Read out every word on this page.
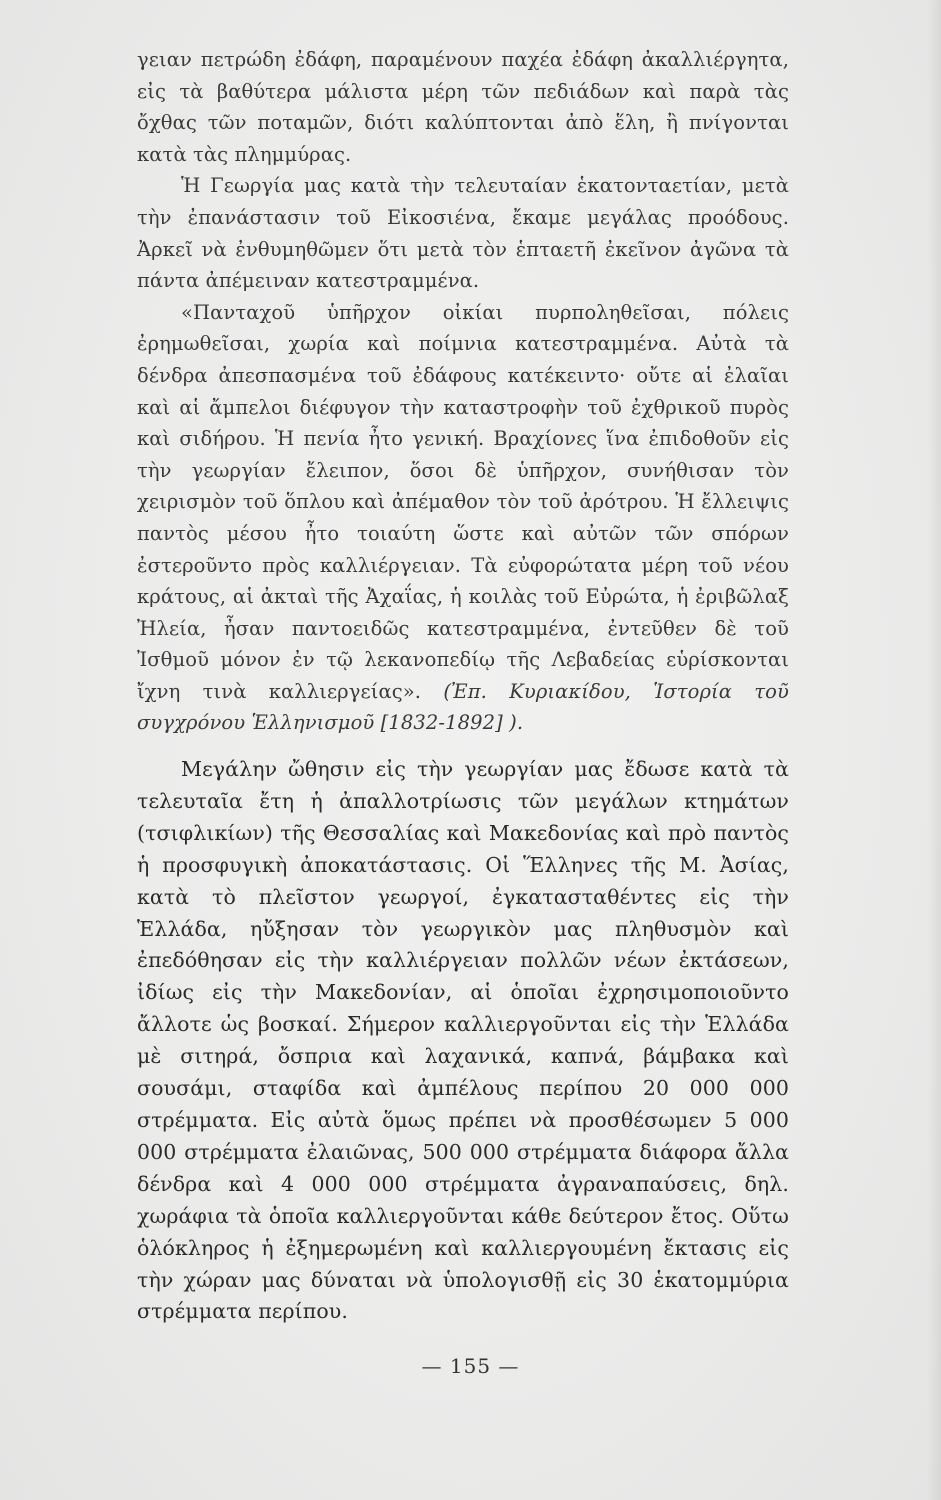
γειαν πετρώδη ἐδάφη, παραμένουν παχέα ἐδάφη ἀκαλλιέργητα, εἰς τὰ βαθύτερα μάλιστα μέρη τῶν πεδιάδων καὶ παρὰ τὰς ὄχθας τῶν ποταμῶν, διότι καλύπτονται ἀπὸ ἕλη, ἢ πνίγονται κατὰ τὰς πλημμύρας.

Ἡ Γεωργία μας κατὰ τὴν τελευταίαν ἑκατονταετίαν, μετὰ τὴν ἐπανάστασιν τοῦ Εἰκοσιένα, ἔκαμε μεγάλας προόδους. Ἀρκεῖ νὰ ἐνθυμηθῶμεν ὅτι μετὰ τὸν ἑπταετῆ ἐκεῖνον ἀγῶνα τὰ πάντα ἀπέμειναν κατεστραμμένα.

«Πανταχοῦ ὑπῆρχον οἰκίαι πυρποληθεῖσαι, πόλεις ἐρημωθεῖσαι, χωρία καὶ ποίμνια κατεστραμμένα. Αὐτὰ τὰ δένδρα ἀπεσπασμένα τοῦ ἐδάφους κατέκειντο· οὔτε αἱ ἐλαῖαι καὶ αἱ ἄμπελοι διέφυγον τὴν καταστροφὴν τοῦ ἐχθρικοῦ πυρὸς καὶ σιδήρου. Ἡ πενία ἦτο γενική. Βραχίονες ἵνα ἐπιδοθοῦν εἰς τὴν γεωργίαν ἔλειπον, ὅσοι δὲ ὑπῆρχον, συνήθισαν τὸν χειρισμὸν τοῦ ὅπλου καὶ ἀπέμαθον τὸν τοῦ ἀρότρου. Ἡ ἔλλειψις παντὸς μέσου ἦτο τοιαύτη ὥστε καὶ αὐτῶν τῶν σπόρων ἐστεροῦντο πρὸς καλλιέργειαν. Τὰ εὐφορώτατα μέρη τοῦ νέου κράτους, αἱ ἀκταὶ τῆς Ἀχαΐας, ἡ κοιλὰς τοῦ Εὐρώτα, ἡ ἐριβῶλαξ Ἠλεία, ἦσαν παντοειδῶς κατεστραμμένα, ἐντεῦθεν δὲ τοῦ Ἰσθμοῦ μόνον ἐν τῷ λεκανοπεδίῳ τῆς Λεβαδείας εὑρίσκονται ἴχνη τινὰ καλλιεργείας». (Ἐπ. Κυριακίδου, Ἱστορία τοῦ συγχρόνου Ἑλληνισμοῦ [1832-1892] ).

Μεγάλην ὤθησιν εἰς τὴν γεωργίαν μας ἔδωσε κατὰ τὰ τελευταῖα ἔτη ἡ ἀπαλλοτρίωσις τῶν μεγάλων κτημάτων (τσιφλικίων) τῆς Θεσσαλίας καὶ Μακεδονίας καὶ πρὸ παντὸς ἡ προσφυγικὴ ἀποκατάστασις. Οἱ Ἕλληνες τῆς Μ. Ἀσίας, κατὰ τὸ πλεῖστον γεωργοί, ἐγκατασταθέντες εἰς τὴν Ἑλλάδα, ηὔξησαν τὸν γεωργικὸν μας πληθυσμὸν καὶ ἐπεδόθησαν εἰς τὴν καλλιέργειαν πολλῶν νέων ἐκτάσεων, ἰδίως εἰς τὴν Μακεδονίαν, αἱ ὁποῖαι ἐχρησιμοποιοῦντο ἄλλοτε ὡς βοσκαί. Σήμερον καλλιεργοῦνται εἰς τὴν Ἑλλάδα μὲ σιτηρά, ὄσπρια καὶ λαχανικά, καπνά, βάμβακα καὶ σουσάμι, σταφίδα καὶ ἀμπέλους περίπου 20 000 000 στρέμματα. Εἰς αὐτὰ ὅμως πρέπει νὰ προσθέσωμεν 5 000 000 στρέμματα ἐλαιῶνας, 500 000 στρέμματα διάφορα ἄλλα δένδρα καὶ 4 000 000 στρέμματα ἀγραναπαύσεις, δηλ. χωράφια τὰ ὁποῖα καλλιεργοῦνται κάθε δεύτερον ἔτος. Οὕτω ὁλόκληρος ἡ ἐξημερωμένη καὶ καλλιεργουμένη ἔκτασις εἰς τὴν χώραν μας δύναται νὰ ὑπολογισθῇ εἰς 30 ἑκατομμύρια στρέμματα περίπου.

— 155 —
